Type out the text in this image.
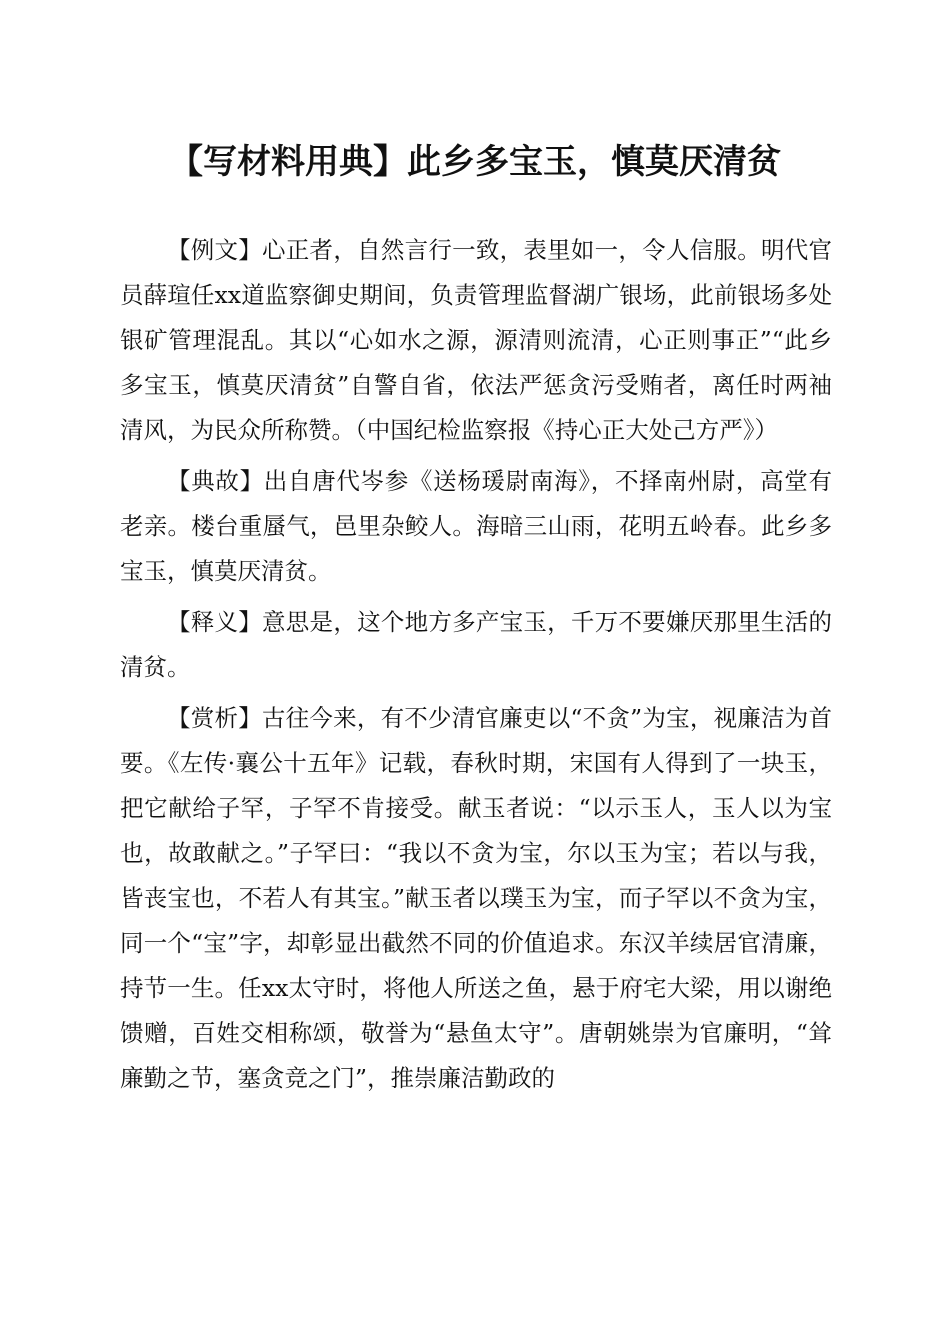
【写材料用典】此乡多宝玉，慎莫厌清贫

【例文】心正者，自然言行一致，表里如一，令人信服。明代官员薛瑄任xx道监察御史期间，负责管理监督湖广银场，此前银场多处银矿管理混乱。其以“心如水之源，源清则流清，心正则事正”“此乡多宝玉，慎莫厌清贫”自警自省，依法严惩贪污受贿者，离任时两袖清风，为民众所称赞。（中国纪检监察报《持心正大处己方严》）

【典故】出自唐代岑参《送杨瑗尉南海》，不择南州尉，高堂有老亲。楼台重蜃气，邑里杂鲛人。海暗三山雨，花明五岭春。此乡多宝玉，慎莫厌清贫。

【释义】意思是，这个地方多产宝玉，千万不要嫌厌那里生活的清贫。

【赏析】古往今来，有不少清官廉吏以“不贪”为宝，视廉洁为首要。《左传·襄公十五年》记载，春秋时期，宋国有人得到了一块玉，把它献给子罕，子罕不肯接受。献玉者说：“以示玉人，玉人以为宝也，故敢献之。”子罕曰：“我以不贪为宝，尔以玉为宝；若以与我，皆丧宝也，不若人有其宝。”献玉者以璞玉为宝，而子罕以不贪为宝，同一个“宝”字，却彰显出截然不同的价值追求。东汉羊续居官清廉，持节一生。任xx太守时，将他人所送之鱼，悬于府宅大梁，用以谢绝馈赠，百姓交相称颂，敬誉为“悬鱼太守”。唐朝姚崇为官廉明，“耸廉勤之节，塞贪竞之门”，推崇廉洁勤政的
